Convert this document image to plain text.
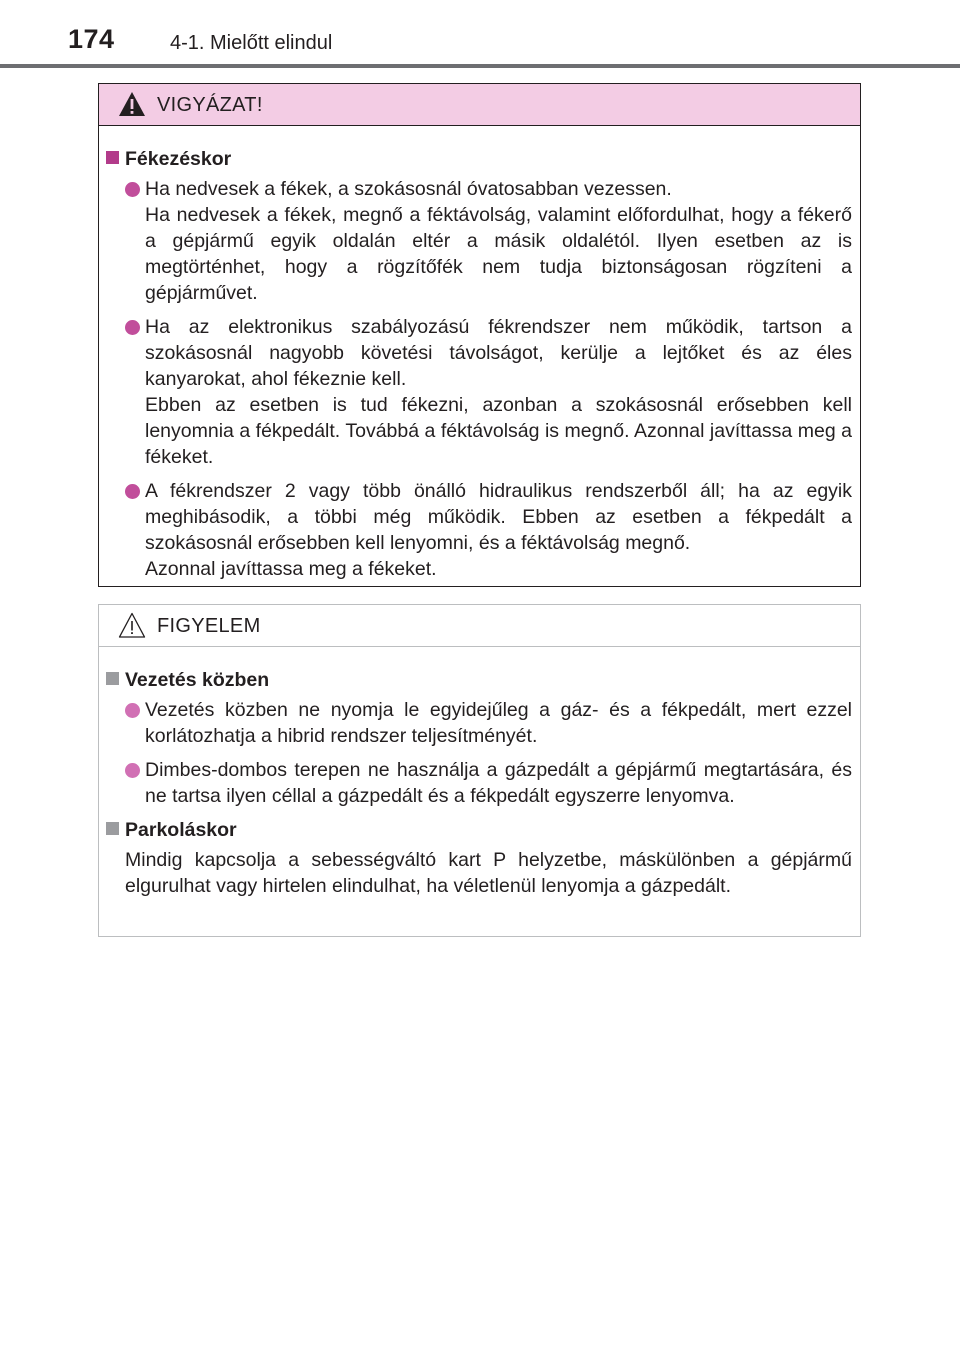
174	4-1. Mielőtt elindul
VIGYÁZAT!
Fékezéskor

Ha nedvesek a fékek, a szokásosnál óvatosabban vezessen.

Ha nedvesek a fékek, megnő a féktávolság, valamint előfordulhat, hogy a fékerő a gépjármű egyik oldalán eltér a másik oldalétól. Ilyen esetben az is megtörténhet, hogy a rögzítőfék nem tudja biztonságosan rögzíteni a gépjárművet.

Ha az elektronikus szabályozású fékrendszer nem működik, tartson a szokásosnál nagyobb követési távolságot, kerülje a lejtőket és az éles kanyarokat, ahol fékeznie kell.

Ebben az esetben is tud fékezni, azonban a szokásosnál erősebben kell lenyomnia a fékpedált. Továbbá a féktávolság is megnő. Azonnal javíttassa meg a fékeket.

A fékrendszer 2 vagy több önálló hidraulikus rendszerből áll; ha az egyik meghibásodik, a többi még működik. Ebben az esetben a fékpedált a szokásosnál erősebben kell lenyomni, és a féktávolság megnő.

Azonnal javíttassa meg a fékeket.

FIGYELEM
Vezetés közben

Vezetés közben ne nyomja le egyidejűleg a gáz- és a fékpedált, mert ezzel korlátozhatja a hibrid rendszer teljesítményét.

Dimbes-dombos terepen ne használja a gázpedált a gépjármű megtartására, és ne tartsa ilyen céllal a gázpedált és a fékpedált egyszerre lenyomva.

Parkoláskor

Mindig kapcsolja a sebességváltó kart P helyzetbe, máskülönben a gépjármű elgurulhat vagy hirtelen elindulhat, ha véletlenül lenyomja a gázpedált.
